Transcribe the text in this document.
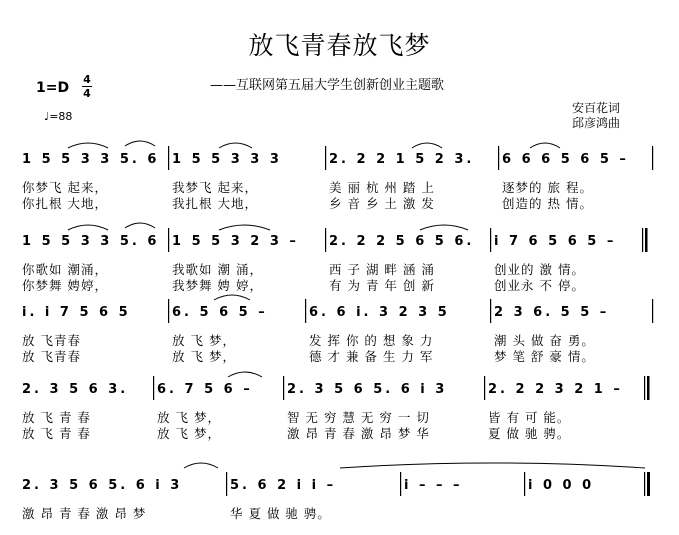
放飞青春放飞梦
——互联网第五届大学生创新创业主题歌
1=D
4
4
♩=88
安百花词
邱彦鸿曲
1 5 5 3 3 5. 6
你梦飞 起来，
你扎根 大地，
1 5 5 3 3 3
我梦飞 起来，
我扎根 大地，
2. 2 2 1 5 2 3.
美 丽 杭 州 踏 上
乡 音 乡 土 激 发
6 6 6 5 6 5 –
逐梦的 旅 程。
创造的 热 情。
1 5 5 3 3 5. 6
你歌如 潮涌，
你梦舞 娉婷，
1 5 5 3 2 3 –
我歌如 潮 涌，
我梦舞 娉 婷，
2. 2 2 5 6 5 6.
西 子 湖 畔 涵 涌
有 为 青 年 创 新
i 7 6 5 6 5 –
创业的 激 情。
创业永 不 停。
i. i 7 5 6 5
放 飞青春
放 飞青春
6. 5 6 5 –
放 飞 梦，
放 飞 梦，
6. 6 i. 3 2 3 5
发 挥 你 的 想 象 力
德 才 兼 备 生 力 军
2 3 6. 5 5 –
潮 头 做 奋 勇。
梦 笔 舒 豪 情。
2. 3 5 6 3.
放 飞 青 春
放 飞 青 春
6. 7 5 6 –
放 飞 梦，
放 飞 梦，
2. 3 5 6 5. 6 i 3
智 无 穷 慧 无 穷 一 切
激 昂 青 春 激 昂 梦 华
2. 2 2 3 2 1 –
皆 有 可 能。
夏 做 驰 骋。
2. 3 5 6 5. 6 i 3
激 昂 青 春 激 昂 梦
5. 6 2 i i –
华 夏 做 驰 骋。
i – – –	i 0 0 0
